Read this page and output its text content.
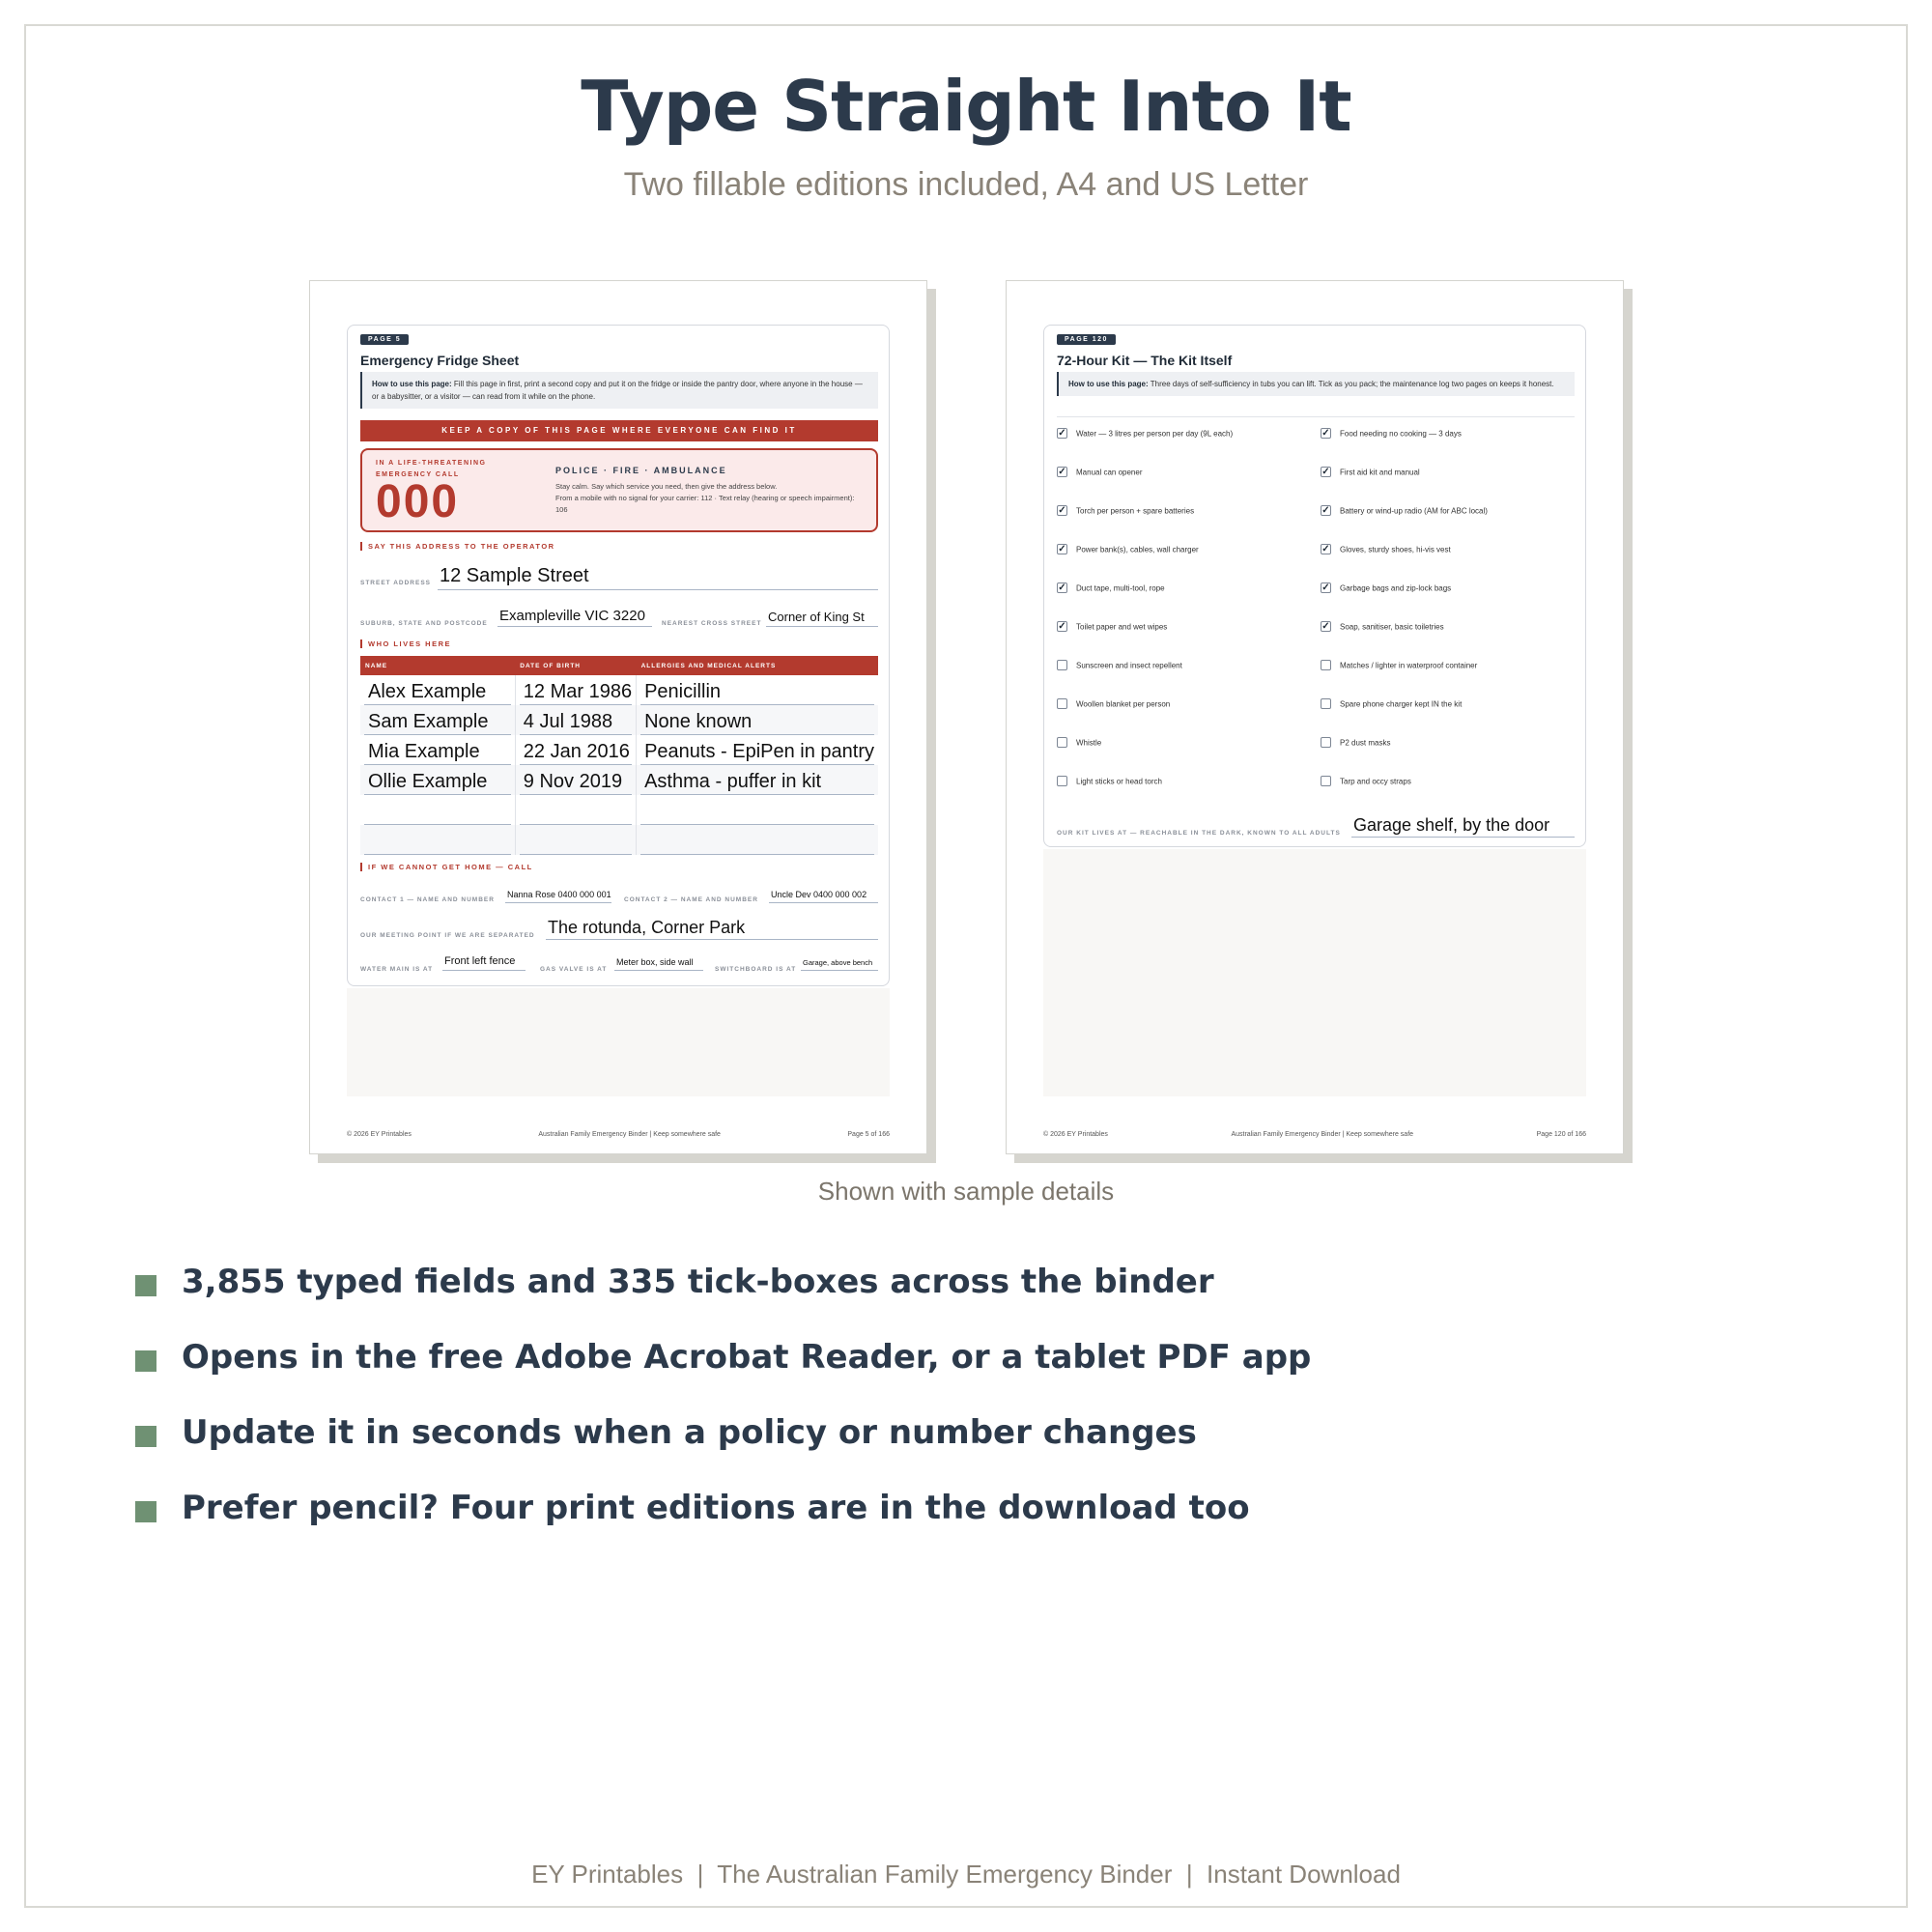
Type Straight Into It
Two fillable editions included, A4 and US Letter
PAGE 5
Emergency Fridge Sheet
How to use this page: Fill this page in first, print a second copy and put it on the fridge or inside the pantry door, where anyone in the house — or a babysitter, or a visitor — can read from it while on the phone.
KEEP A COPY OF THIS PAGE WHERE EVERYONE CAN FIND IT
IN A LIFE-THREATENING EMERGENCY CALL
000
POLICE · FIRE · AMBULANCE
Stay calm. Say which service you need, then give the address below.
From a mobile with no signal for your carrier: 112 · Text relay (hearing or speech impairment): 106
SAY THIS ADDRESS TO THE OPERATOR
STREET ADDRESS 12 Sample Street
SUBURB, STATE AND POSTCODE Exampleville VIC 3220	NEAREST CROSS STREET Corner of King St
WHO LIVES HERE
NAME	DATE OF BIRTH	ALLERGIES AND MEDICAL ALERTS

Alex Example	12 Mar 1986	Penicillin

Sam Example	4 Jul 1988	None known

Mia Example	22 Jan 2016	Peanuts - EpiPen in pantry

Ollie Example	9 Nov 2019	Asthma - puffer in kit

IF WE CANNOT GET HOME — CALL
CONTACT 1 — NAME AND NUMBER
Nanna Rose 0400 000 001
CONTACT 2 — NAME AND NUMBER
Uncle Dev 0400 000 002
OUR MEETING POINT IF WE ARE SEPARATED The rotunda, Corner Park
WATER MAIN IS AT
Front left fence
GAS VALVE IS AT
Meter box, side wall
SWITCHBOARD IS AT
Garage, above bench
© 2026 EY Printables	Australian Family Emergency Binder | Keep somewhere safe	Page 5 of 166
PAGE 120
72-Hour Kit — The Kit Itself
How to use this page: Three days of self-sufficiency in tubs you can lift. Tick as you pack; the maintenance log two pages on keeps it honest.
✓ Water — 3 litres per person per day (9L each)	✓ Food needing no cooking — 3 days
✓ Manual can opener	✓ First aid kit and manual
✓ Torch per person + spare batteries	✓ Battery or wind-up radio (AM for ABC local)
✓ Power bank(s), cables, wall charger	✓ Gloves, sturdy shoes, hi-vis vest
✓ Duct tape, multi-tool, rope	✓ Garbage bags and zip-lock bags
✓ Toilet paper and wet wipes	✓ Soap, sanitiser, basic toiletries
Sunscreen and insect repellent	Matches / lighter in waterproof container
Woollen blanket per person	Spare phone charger kept IN the kit
Whistle	P2 dust masks
Light sticks or head torch	Tarp and occy straps
OUR KIT LIVES AT — REACHABLE IN THE DARK, KNOWN TO ALL ADULTS Garage shelf, by the door
© 2026 EY Printables	Australian Family Emergency Binder | Keep somewhere safe	Page 120 of 166
Shown with sample details
3,855 typed fields and 335 tick-boxes across the binder
Opens in the free Adobe Acrobat Reader, or a tablet PDF app
Update it in seconds when a policy or number changes
Prefer pencil? Four print editions are in the download too
EY Printables  |  The Australian Family Emergency Binder  |  Instant Download
